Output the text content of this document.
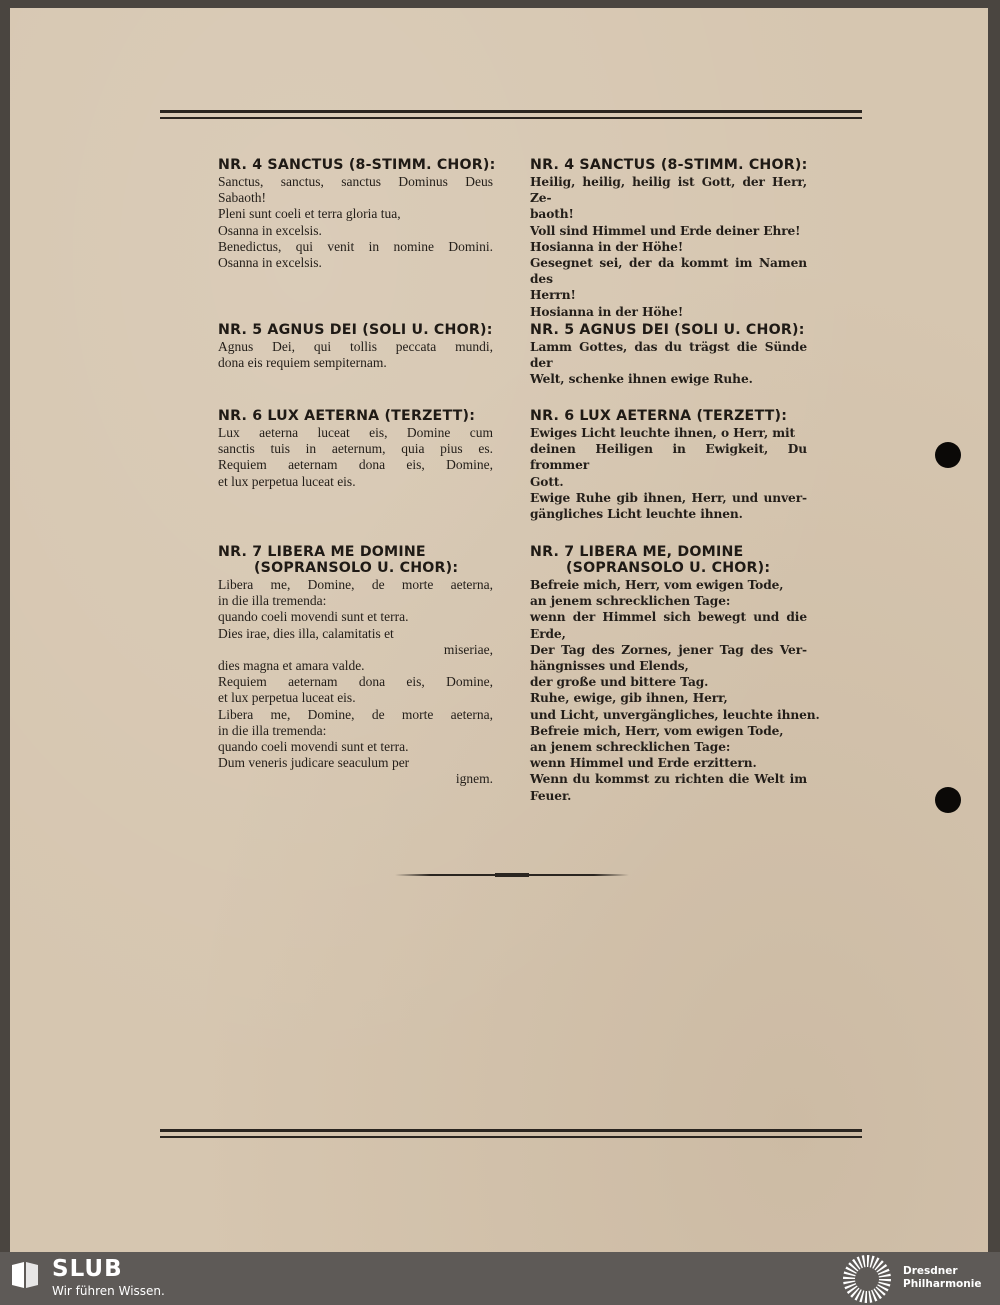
NR. 4 SANCTUS (8-STIMM. CHOR):
Sanctus, sanctus, sanctus Dominus Deus
Sabaoth!
Pleni sunt coeli et terra gloria tua,
Osanna in excelsis.
Benedictus, qui venit in nomine Domini.
Osanna in excelsis.
NR. 5 AGNUS DEI (SOLI U. CHOR):
Agnus Dei, qui tollis peccata mundi,
dona eis requiem sempiternam.
NR. 6 LUX AETERNA (TERZETT):
Lux aeterna luceat eis, Domine cum
sanctis tuis in aeternum, quia pius es.
Requiem aeternam dona eis, Domine,
et lux perpetua luceat eis.
NR. 7 LIBERA ME DOMINE
(SOPRANSOLO U. CHOR):
Libera me, Domine, de morte aeterna,
in die illa tremenda:
quando coeli movendi sunt et terra.
Dies irae, dies illa, calamitatis et
miseriae,
dies magna et amara valde.
Requiem aeternam dona eis, Domine,
et lux perpetua luceat eis.
Libera me, Domine, de morte aeterna,
in die illa tremenda:
quando coeli movendi sunt et terra.
Dum veneris judicare seaculum per
ignem.
NR. 4 SANCTUS (8-STIMM. CHOR):
Heilig, heilig, heilig ist Gott, der Herr, Ze-
baoth!
Voll sind Himmel und Erde deiner Ehre!
Hosianna in der Höhe!
Gesegnet sei, der da kommt im Namen des
Herrn!
Hosianna in der Höhe!
NR. 5 AGNUS DEI (SOLI U. CHOR):
Lamm Gottes, das du trägst die Sünde der
Welt, schenke ihnen ewige Ruhe.
NR. 6 LUX AETERNA (TERZETT):
Ewiges Licht leuchte ihnen, o Herr, mit
deinen Heiligen in Ewigkeit, Du frommer
Gott.
Ewige Ruhe gib ihnen, Herr, und unver-
gängliches Licht leuchte ihnen.
NR. 7 LIBERA ME, DOMINE
(SOPRANSOLO U. CHOR):
Befreie mich, Herr, vom ewigen Tode,
an jenem schrecklichen Tage:
wenn der Himmel sich bewegt und die
Erde,
Der Tag des Zornes, jener Tag des Ver-
hängnisses und Elends,
der große und bittere Tag.
Ruhe, ewige, gib ihnen, Herr,
und Licht, unvergängliches, leuchte ihnen.
Befreie mich, Herr, vom ewigen Tode,
an jenem schrecklichen Tage:
wenn Himmel und Erde erzittern.
Wenn du kommst zu richten die Welt im
Feuer.
SLUB
Wir führen Wissen.
Dresdner
Philharmonie
